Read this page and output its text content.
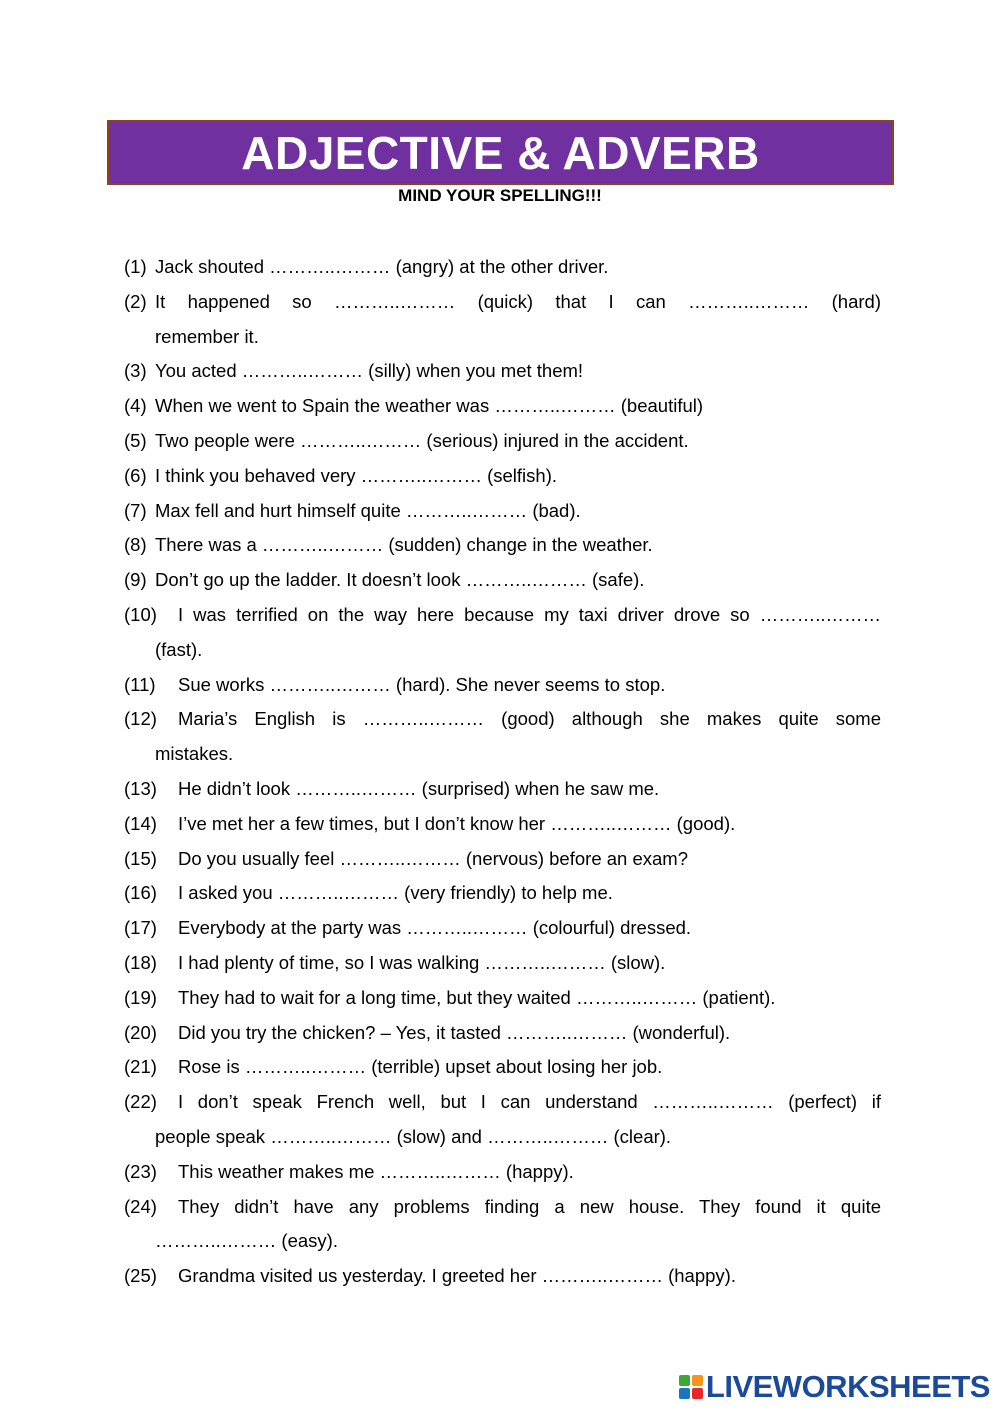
ADJECTIVE & ADVERB
MIND YOUR SPELLING!!!
(1) Jack shouted ………..……… (angry) at the other driver.
(2) It happened so ………..……… (quick) that I can ………..……… (hard)
remember it.
(3) You acted ………..……… (silly) when you met them!
(4) When we went to Spain the weather was ………..……… (beautiful)
(5) Two people were ………..……… (serious) injured in the accident.
(6) I think you behaved very ………..……… (selfish).
(7) Max fell and hurt himself quite ………..……… (bad).
(8) There was a ………..……… (sudden) change in the weather.
(9) Don’t go up the ladder. It doesn’t look ………..……… (safe).
(10)	I was terrified on the way here because my taxi driver drove so ………..………
(fast).
(11)	Sue works ………..……… (hard). She never seems to stop.
(12)	Maria’s English is ………..……… (good) although she makes quite some
mistakes.
(13)	He didn’t look ………..……… (surprised) when he saw me.
(14)	I’ve met her a few times, but I don’t know her ………..……… (good).
(15)	Do you usually feel ………..……… (nervous) before an exam?
(16)	I asked you ………..……… (very friendly) to help me.
(17)	Everybody at the party was ………..……… (colourful) dressed.
(18)	I had plenty of time, so I was walking ………..……… (slow).
(19)	They had to wait for a long time, but they waited ………..……… (patient).
(20)	Did you try the chicken? – Yes, it tasted ………..……… (wonderful).
(21)	Rose is ………..……… (terrible) upset about losing her job.
(22)	I don’t speak French well, but I can understand ………..……… (perfect) if
people speak ………..……… (slow) and ………..……… (clear).
(23)	This weather makes me ………..……… (happy).
(24)	They didn’t have any problems finding a new house. They found it quite
………..……… (easy).
(25)	Grandma visited us yesterday. I greeted her ………..……… (happy).
LIVEWORKSHEETS
